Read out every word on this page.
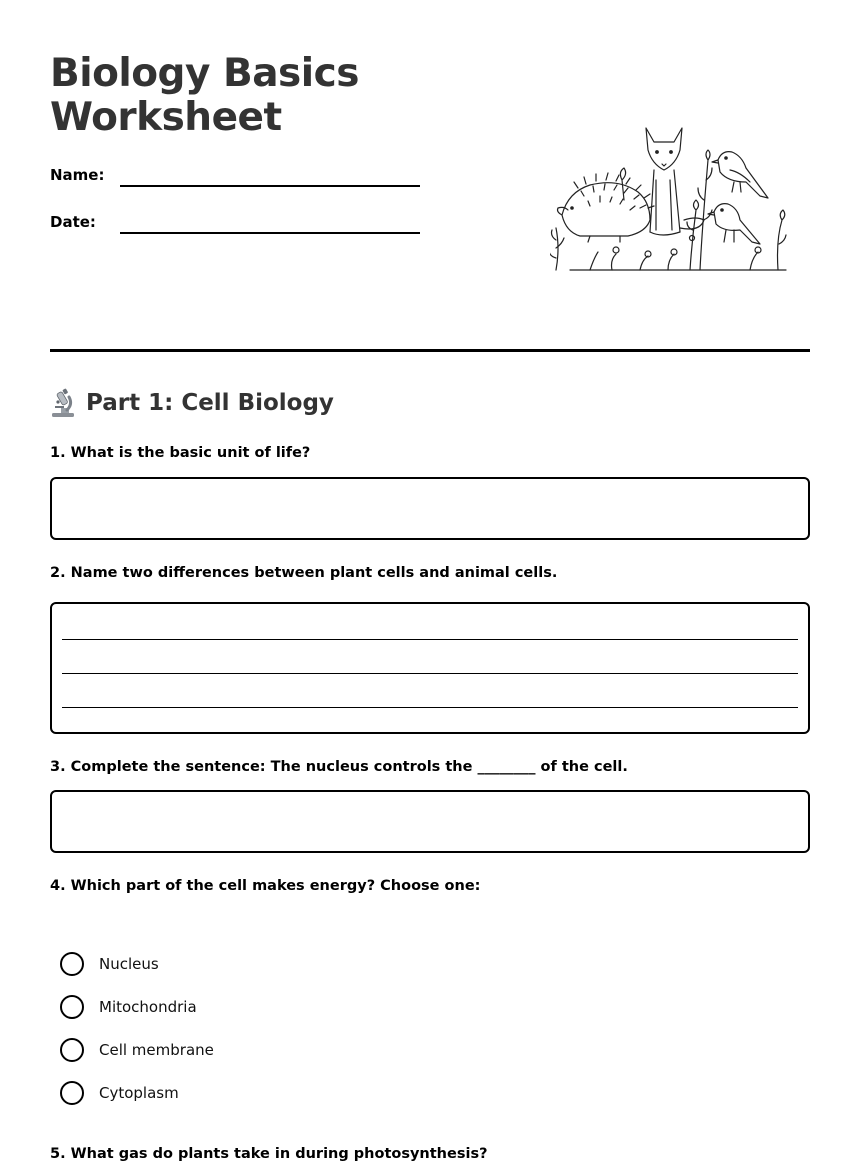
Biology Basics
Worksheet
Name:
Date:
Part 1: Cell Biology

1. What is the basic unit of life?

2. Name two differences between plant cells and animal cells.

3. Complete the sentence: The nucleus controls the ________ of the cell.

4. Which part of the cell makes energy? Choose one:

Nucleus
Mitochondria
Cell membrane
Cytoplasm

5. What gas do plants take in during photosynthesis?
